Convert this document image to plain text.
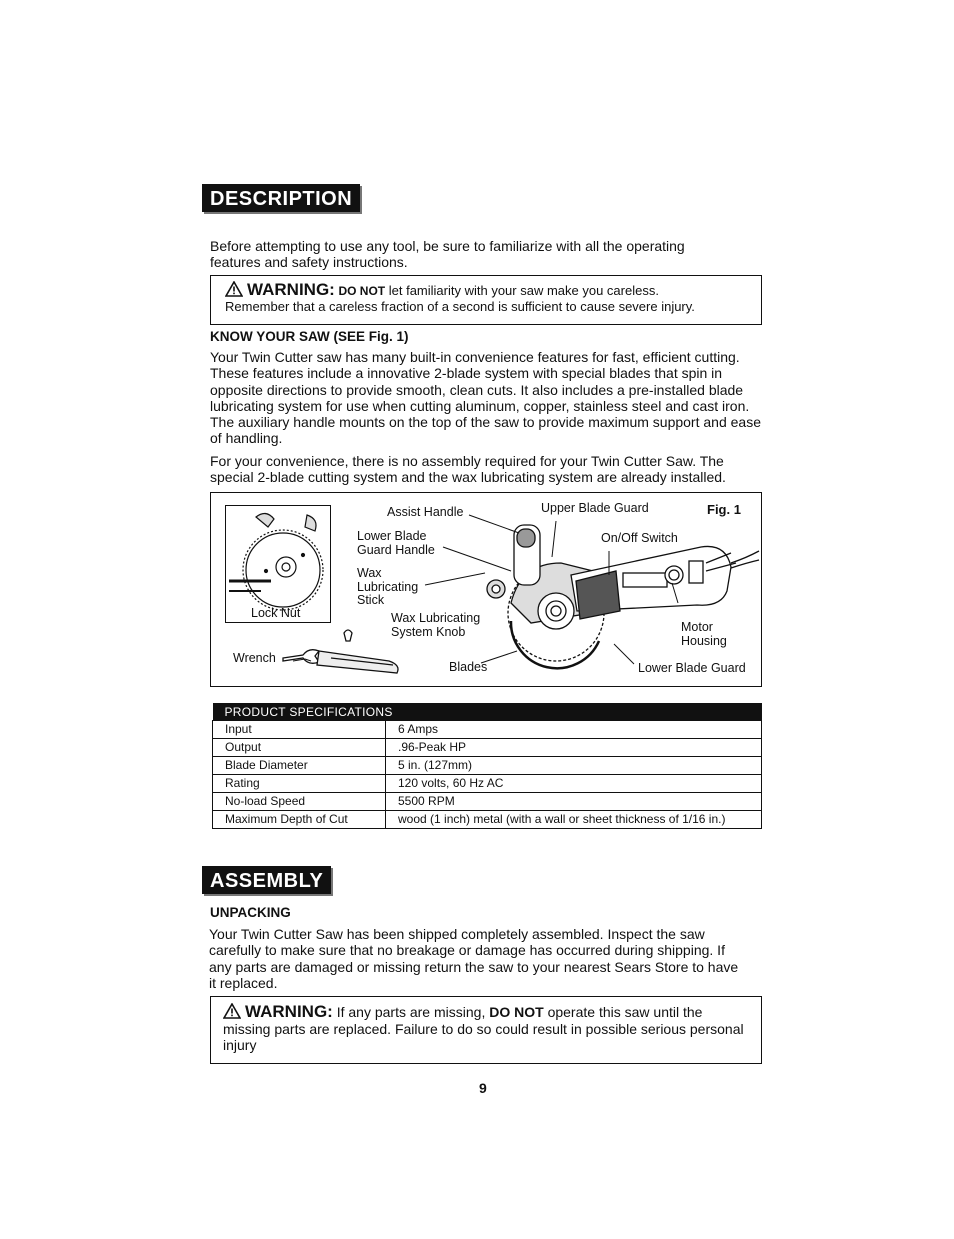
DESCRIPTION
Before attempting to use any tool, be sure to familiarize with all the operating features and safety instructions.
WARNING: DO NOT let familiarity with your saw make you careless.
Remember that a careless fraction of a second is sufficient to cause severe injury.
KNOW YOUR SAW (SEE Fig. 1)
Your Twin Cutter saw has many built-in convenience features for fast, efficient cutting. These features include a innovative 2-blade system with special blades that spin in opposite directions to provide smooth, clean cuts. It also includes a pre-installed blade lubricating system for use when cutting aluminum, copper, stainless steel and cast iron. The auxiliary handle mounts on the top of the saw to provide maximum support and ease of handling.
For your convenience, there is no assembly required for your Twin Cutter Saw. The special 2-blade cutting system and the wax lubricating system are already installed.
Lock Nut
Wrench
Assist Handle	Upper Blade Guard	Fig. 1
Lower Blade
Guard Handle
On/Off Switch
Wax
Lubricating
Stick
Wax Lubricating
System Knob	Motor
Housing
Blades	Lower Blade Guard
PRODUCT SPECIFICATIONS	
Input	6 Amps
Output	.96-Peak HP
Blade Diameter	5 in. (127mm)
Rating	120 volts, 60 Hz AC
No-load Speed	5500 RPM
Maximum Depth of Cut	wood (1 inch) metal (with a wall or sheet thickness of 1/16 in.)
ASSEMBLY
UNPACKING
Your Twin Cutter Saw has been shipped completely assembled. Inspect the saw carefully to make sure that no breakage or damage has occurred during shipping. If any parts are damaged or missing return the saw to your nearest Sears Store to have it replaced.
WARNING: If any parts are missing, DO NOT operate this saw until the missing parts are replaced. Failure to do so could result in possible serious personal injury
9
